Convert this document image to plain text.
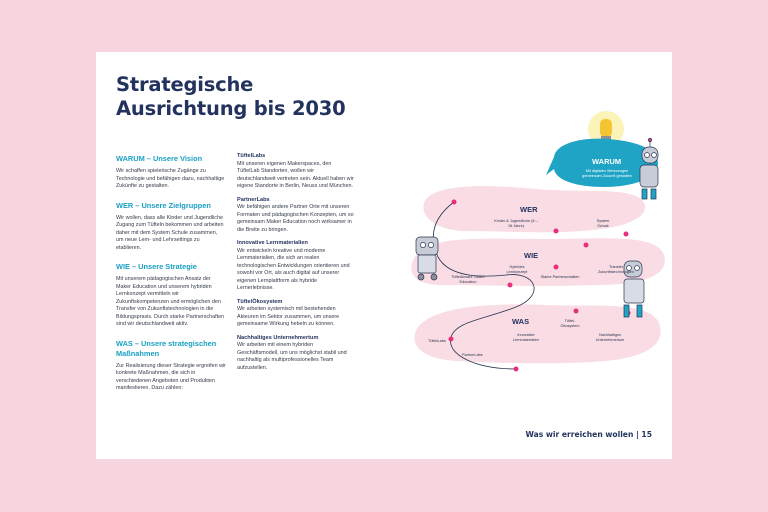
Strategische
Ausrichtung bis 2030
WARUM – Unsere Vision
Wir schaffen spielerische Zugänge zu Technologie und befähigen dazu, nachhaltige Zukünfte zu gestalten.
WER – Unsere Zielgruppen
Wir wollen, dass alle Kinder und Jugendliche Zugang zum Tüfteln bekommen und arbeiten daher mit dem System Schule zusammen, um neue Lern- und Lehrsettings zu etablieren.
WIE – Unsere Strategie
Mit unserem pädagogischen Ansatz der Maker Education und unserem hybriden Lernkonzept vermitteln wir Zukunftskompetenzen und ermöglichen den Transfer von Zukunftstechnologien in die Bildungspraxis. Durch starke Partnerschaften sind wir deutschlandweit aktiv.
WAS – Unsere strategischen Maßnahmen
Zur Realisierung dieser Strategie ergreifen wir konkrete Maßnahmen, die sich in verschiedenen Angeboten und Produkten manifestieren. Dazu zählen:
TüftelLabs
Mit unseren eigenen Makerspaces, den TüftelLab Standorten, wollen wir deutschlandweit vertreten sein. Aktuell haben wir eigene Standorte in Berlin, Neuss und München.
PartnerLabs
Wir befähigen andere Partner Orte mit unseren Formaten und pädagogischen Konzepten, um so gemeinsam Maker Education noch wirksamer in die Breite zu bringen.
Innovative Lernmaterialien
Wir entwickeln kreative und moderne Lernmaterialien, die sich an realen technologischen Entwicklungen orientieren und sowohl vor Ort, als auch digital auf unserer eigenen Lernplattform als hybride Lernerlebnisse.
TüftelÖkosystem
Wir arbeiten systemisch mit bestehenden Akteuren im Sektor zusammen, um unsere gemeinsame Wirkung hebeln zu können.
Nachhaltiges Unternehmertum
Wir arbeiten mit einem hybriden Geschäftsmodell, um uns möglichst stabil und nachhaltig als multiprofessionelles Team aufzustellen.
WARUM
Mit digitalen Werkzeugen gemeinsam Zukunft gestalten
WER
Kinder & Jugendliche (6 – 16 Jahre)
System Schule
WIE
Hybrides Lernkonzept
TüftelAnsatz: Maker Education
Starke Partnerschaften
Transfer Zukunftstechnologien
WAS
Innovative Lernmaterialien
Tüftel-Ökosystem
Nachhaltiges Unternehmertum
TüftelLabs
PartnerLabs
Was wir erreichen wollen | 15
